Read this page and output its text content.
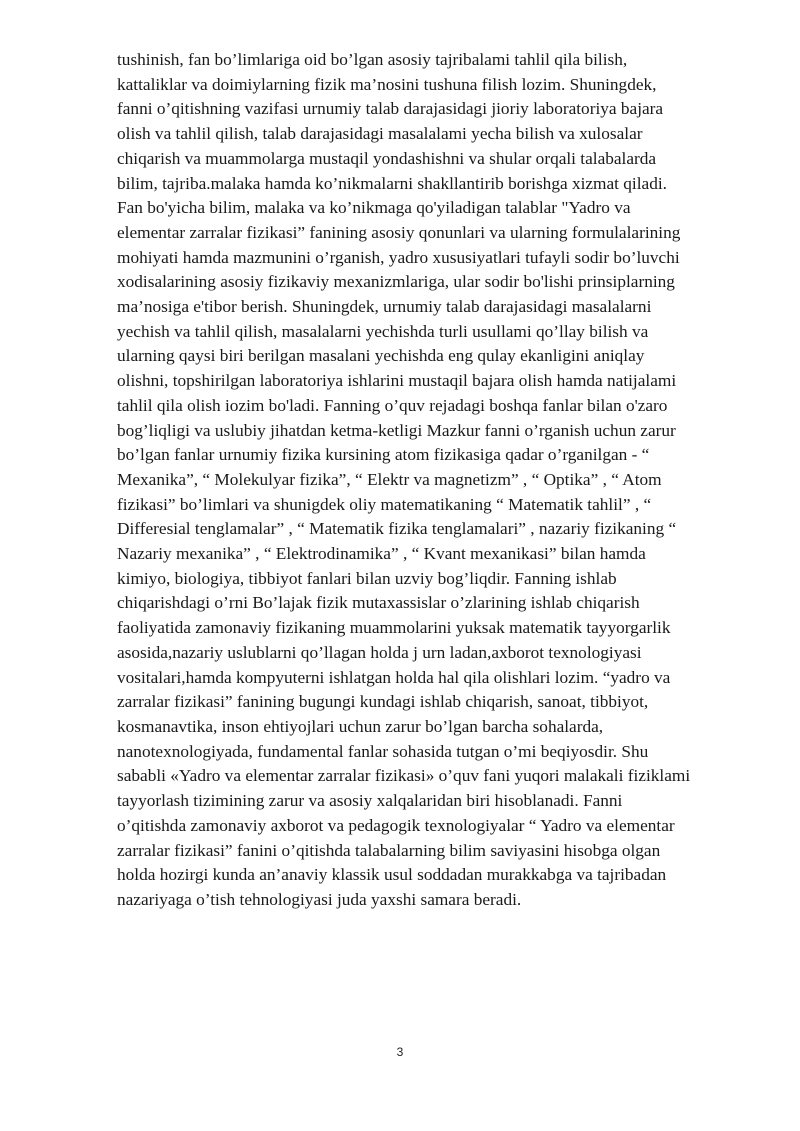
tushinish, fan bo’limlariga oid bo’lgan asosiy tajribalami tahlil qila bilish,
kattaliklar va doimiylarning fizik ma’nosini tushuna filish lozim. Shuningdek,
fanni o’qitishning vazifasi urnumiy talab darajasidagi jioriy laboratoriya bajara
olish va tahlil qilish, talab darajasidagi masalalami yecha bilish va xulosalar
chiqarish va muammolarga mustaqil yondashishni va shular orqali talabalarda
bilim, tajriba.malaka hamda ko’nikmalarni shakllantirib borishga xizmat qiladi.
Fan bo'yicha bilim, malaka va ko’nikmaga qo'yiladigan talablar "Yadro va
elementar zarralar fizikasi” fanining asosiy qonunlari va ularning formulalarining
mohiyati hamda mazmunini o’rganish, yadro xususiyatlari tufayli sodir bo’luvchi
xodisalarining asosiy fizikaviy mexanizmlariga, ular sodir bo'lishi prinsiplarning
ma’nosiga e'tibor berish. Shuningdek, urnumiy talab darajasidagi masalalarni
yechish va tahlil qilish, masalalarni yechishda turli usullami qo’llay bilish va
ularning qaysi biri berilgan masalani yechishda eng qulay ekanligini aniqlay
olishni, topshirilgan laboratoriya ishlarini mustaqil bajara olish hamda natijalami
tahlil qila olish iozim bo'ladi. Fanning o’quv rejadagi boshqa fanlar bilan o'zaro
bog’liqligi va uslubiy jihatdan ketma-ketligi Mazkur fanni o’rganish uchun zarur
bo’lgan fanlar urnumiy fizika kursining atom fizikasiga qadar o’rganilgan - “
Mexanika”, “ Molekulyar fizika”, “ Elektr va magnetizm” , “ Optika” , “ Atom
fizikasi” bo’limlari va shunigdek oliy matematikaning “ Matematik tahlil” , “
Differesial tenglamalar” , “ Matematik fizika tenglamalari” , nazariy fizikaning “
Nazariy mexanika” , “ Elektrodinamika” , “ Kvant mexanikasi” bilan hamda
kimiyo, biologiya, tibbiyot fanlari bilan uzviy bog’liqdir. Fanning ishlab
chiqarishdagi o’rni Bo’lajak fizik mutaxassislar o’zlarining ishlab chiqarish
faoliyatida zamonaviy fizikaning muammolarini yuksak matematik tayyorgarlik
asosida,nazariy uslublarni qo’llagan holda j urn ladan,axborot texnologiyasi
vositalari,hamda kompyuterni ishlatgan holda hal qila olishlari lozim. “yadro va
zarralar fizikasi” fanining bugungi kundagi ishlab chiqarish, sanoat, tibbiyot,
kosmanavtika, inson ehtiyojlari uchun zarur bo’lgan barcha sohalarda,
nanotexnologiyada, fundamental fanlar sohasida tutgan o’mi beqiyosdir. Shu
sababli «Yadro va elementar zarralar fizikasi» o’quv fani yuqori malakali fiziklami
tayyorlash tizimining zarur va asosiy xalqalaridan biri hisoblanadi. Fanni
o’qitishda zamonaviy axborot va pedagogik texnologiyalar “ Yadro va elementar
zarralar fizikasi” fanini o’qitishda talabalarning bilim saviyasini hisobga olgan
holda hozirgi kunda an’anaviy klassik usul soddadan murakkabga va tajribadan
nazariyaga o’tish tehnologiyasi juda yaxshi samara beradi.

3
